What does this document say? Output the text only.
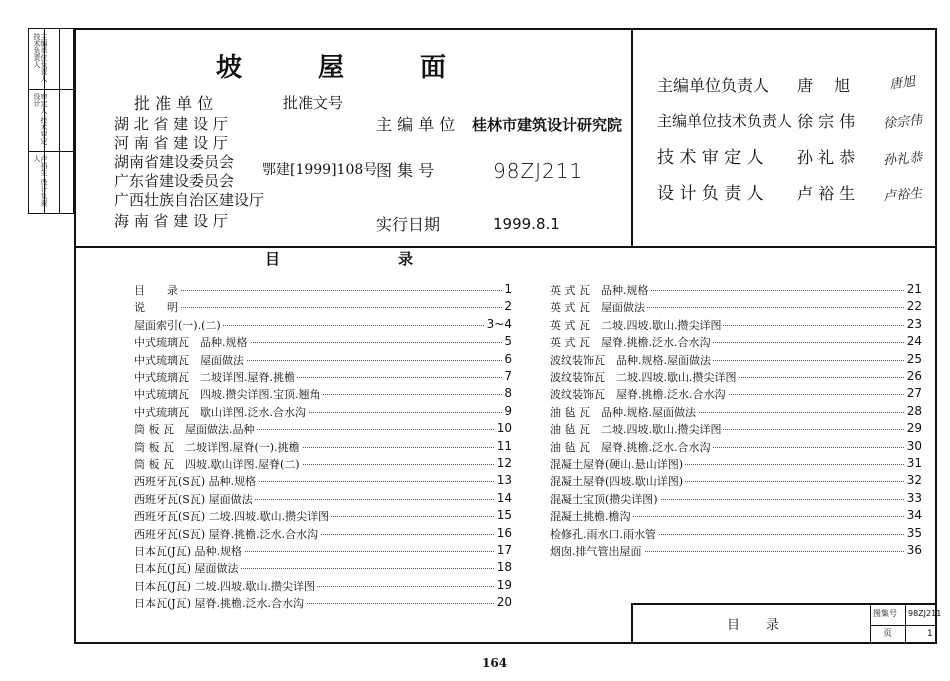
主编单位负责人 技术负责人
审定人 技术审定 设计
卢裕生 设计负责人
坡	屋	面
批 准 单 位	批准文号
湖 北 省 建 设 厅
河 南 省 建 设 厅
湖南省建设委员会
广东省建设委员会
广西壮族自治区建设厅
海 南 省 建 设 厅
鄂建[1999]108号
主 编 单 位 桂林市建筑设计研究院
图 集 号	98ZJ211
实行日期	1999.8.1
主编单位负责人 唐 旭 唐旭
主编单位技术负责人 徐 宗 伟 徐宗伟
技 术 审 定 人 孙 礼 恭 孙礼恭
设 计 负 责 人 卢 裕 生 卢裕生
目	录
目　　录	1
说　　明	2
屋面索引(一).(二)	3~4
中式琉璃瓦　品种.规格	5
中式琉璃瓦　屋面做法	6
中式琉璃瓦　二坡详图.屋脊.挑檐	7
中式琉璃瓦　四坡.攒尖详图.宝顶.翘角	8
中式琉璃瓦　歇山详图.泛水.合水沟	9
筒 板 瓦　屋面做法.品种	10
筒 板 瓦　二坡详图.屋脊(一).挑檐	11
筒 板 瓦　四坡.歇山详图.屋脊(二)	12
西班牙瓦(S瓦) 品种.规格	13
西班牙瓦(S瓦) 屋面做法	14
西班牙瓦(S瓦) 二坡.四坡.歇山.攒尖详图	15
西班牙瓦(S瓦) 屋脊.挑檐.泛水.合水沟	16
日本瓦(J瓦) 品种.规格	17
日本瓦(J瓦) 屋面做法	18
日本瓦(J瓦) 二坡.四坡.歇山.攒尖详图	19
日本瓦(J瓦) 屋脊.挑檐.泛水.合水沟	20
英 式 瓦　品种.规格	21
英 式 瓦　屋面做法	22
英 式 瓦　二坡.四坡.歇山.攒尖详图	23
英 式 瓦　屋脊.挑檐.泛水.合水沟	24
波纹装饰瓦　品种.规格.屋面做法	25
波纹装饰瓦　二坡.四坡.歇山.攒尖详图	26
波纹装饰瓦　屋脊.挑檐.泛水.合水沟	27
油 毡 瓦　品种.规格.屋面做法	28
油 毡 瓦　二坡.四坡.歇山.攒尖详图	29
油 毡 瓦　屋脊.挑檐.泛水.合水沟	30
混凝土屋脊(硬山.悬山详图)	31
混凝土屋脊(四坡.歇山详图)	32
混凝土宝顶(攒尖详图)	33
混凝土挑檐.檐沟	34
检修孔.雨水口.雨水管	35
烟囱.排气管出屋面	36
目　　录
图集号 98ZJ211
页	1
164
